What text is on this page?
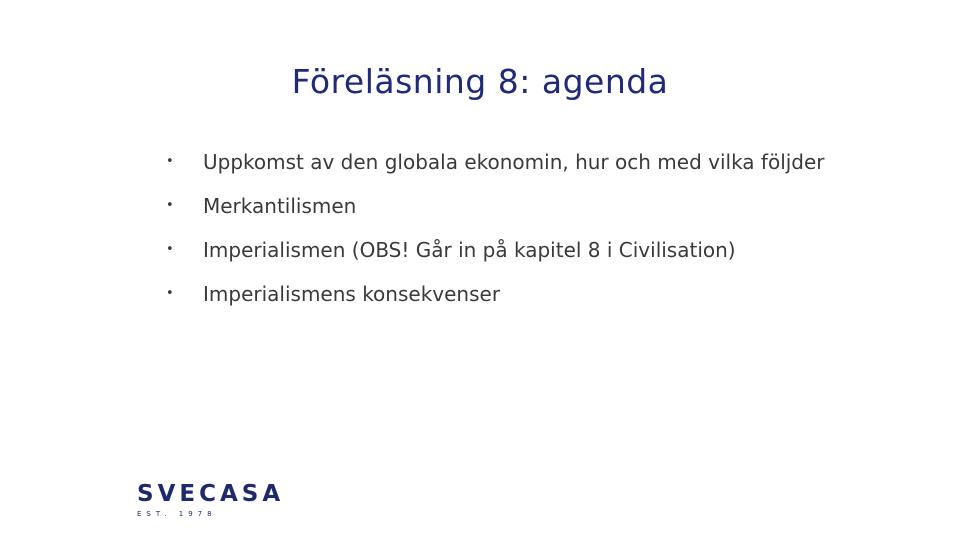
Föreläsning 8: agenda
• Uppkomst av den globala ekonomin, hur och med vilka följder
• Merkantilismen
• Imperialismen (OBS! Går in på kapitel 8 i Civilisation)
• Imperialismens konsekvenser
SVECASA
EST. 1978
